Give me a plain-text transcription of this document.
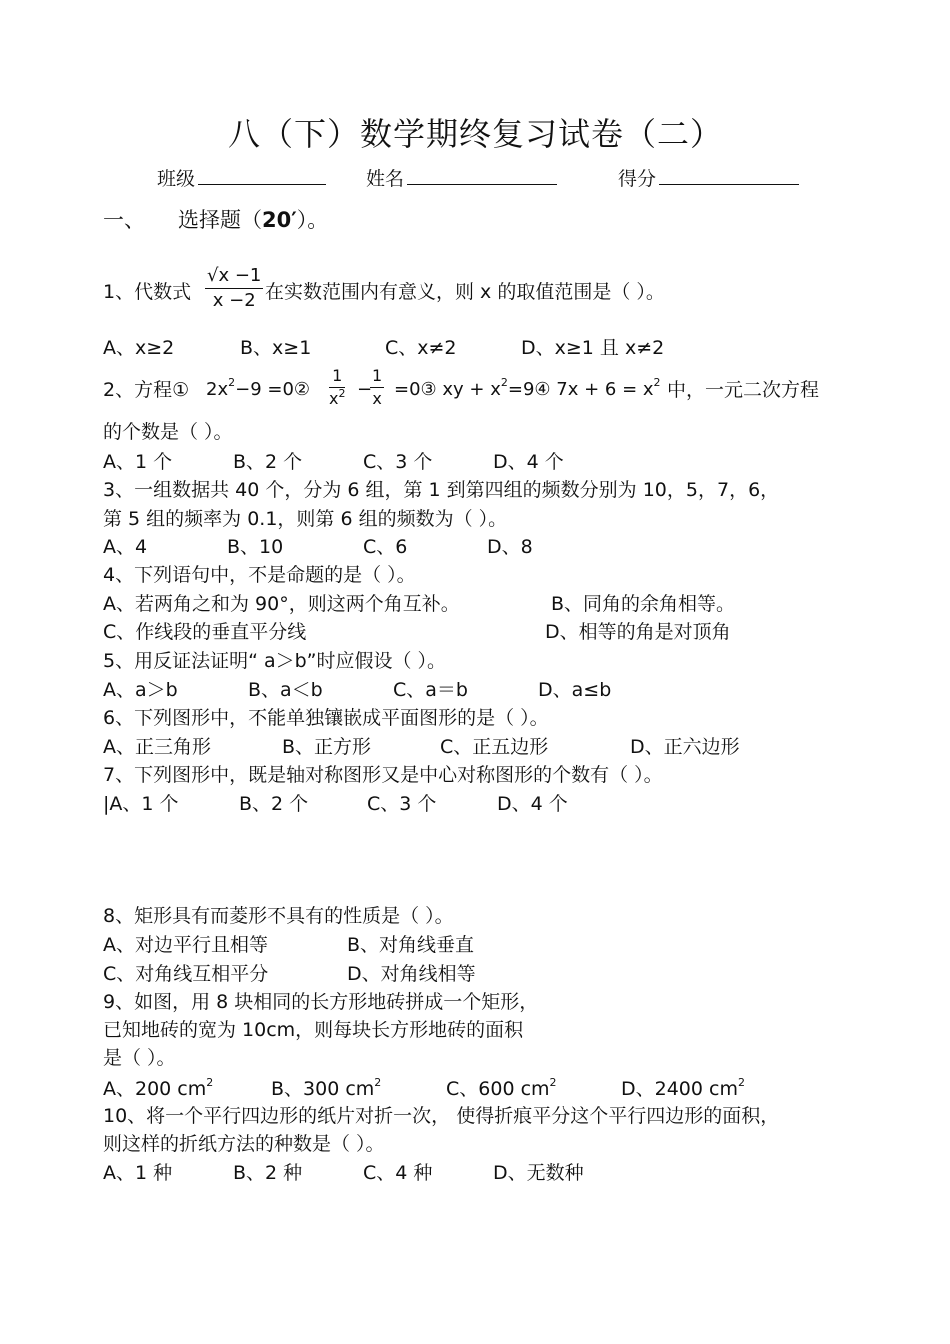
八（下）数学期终复习试卷（二）
班级	姓名	得分
一、 选择题（20′）。
1、代数式 $\frac{√x -1}{x -2}$ 在实数范围内有意义，则 x 的取值范围是（ ）。
A、x≥2	B、x≥1	C、x≠2	D、x≥1 且 x≠2
2、方程① $2x^2-9$ =0② $\frac{1}{x^2}$ −
$\frac{1}{x}$ =0③ xy + $x^2=9④$ $7x + 6 = x^2$ 中，一元二次方程
的个数是（ ）。
A、1 个	B、2 个	C、3 个	D、4 个
3、一组数据共 40 个，分为 6 组，第 1 到第四组的频数分别为 10，5，7，6，
第 5 组的频率为 0.1，则第 6 组的频数为（ ）。
A、4	B、10	C、6	D、8
4、下列语句中，不是命题的是（ ）。
A、若两角之和为 90°，则这两个角互补。	B、同角的余角相等。
C、作线段的垂直平分线	D、相等的角是对顶角
5、用反证法证明“ a＞b”时应假设（ ）。
A、a＞b	B、a＜b	C、a＝b	D、a≤b
6、下列图形中，不能单独镶嵌成平面图形的是（ ）。
A、正三角形	B、正方形	C、正五边形	D、正六边形
7、下列图形中，既是轴对称图形又是中心对称图形的个数有（ ）。
|A、1 个	B、2 个	C、3 个	D、4 个
8、矩形具有而菱形不具有的性质是（ ）。
A、对边平行且相等	B、对角线垂直
C、对角线互相平分	D、对角线相等
9、如图，用 8 块相同的长方形地砖拼成一个矩形，
已知地砖的宽为 10cm，则每块长方形地砖的面积
是（ ）。
A、200 $cm^2$	B、300 $cm^2$	C、600 $cm^2$	D、2400 $cm^2$
10、将一个平行四边形的纸片对折一次， 使得折痕平分这个平行四边形的面积，
则这样的折纸方法的种数是（ ）。
A、1 种	B、2 种	C、4 种	D、无数种
